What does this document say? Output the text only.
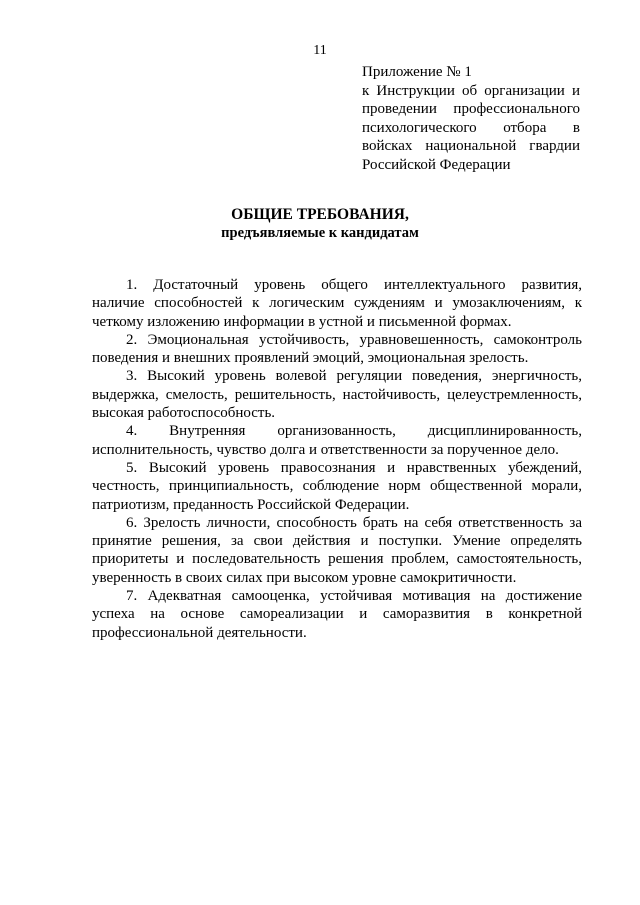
11
Приложение № 1
к Инструкции об организации и
проведении профессионального
психологического отбора в
войсках национальной гвардии
Российской Федерации
ОБЩИЕ ТРЕБОВАНИЯ,
предъявляемые к кандидатам
1. Достаточный уровень общего интеллектуального развития,
наличие способностей к логическим суждениям и умозаключениям, к
четкому изложению информации в устной и письменной формах.
2. Эмоциональная устойчивость, уравновешенность, самоконтроль
поведения и внешних проявлений эмоций, эмоциональная зрелость.
3. Высокий уровень волевой регуляции поведения, энергичность,
выдержка, смелость, решительность, настойчивость, целеустремленность,
высокая работоспособность.
4. Внутренняя организованность, дисциплинированность,
исполнительность, чувство долга и ответственности за порученное дело.
5. Высокий уровень правосознания и нравственных убеждений,
честность, принципиальность, соблюдение норм общественной морали,
патриотизм, преданность Российской Федерации.
6. Зрелость личности, способность брать на себя ответственность за
принятие решения, за свои действия и поступки. Умение определять
приоритеты и последовательность решения проблем, самостоятельность,
уверенность в своих силах при высоком уровне самокритичности.
7. Адекватная самооценка, устойчивая мотивация на достижение
успеха на основе самореализации и саморазвития в конкретной
профессиональной деятельности.
